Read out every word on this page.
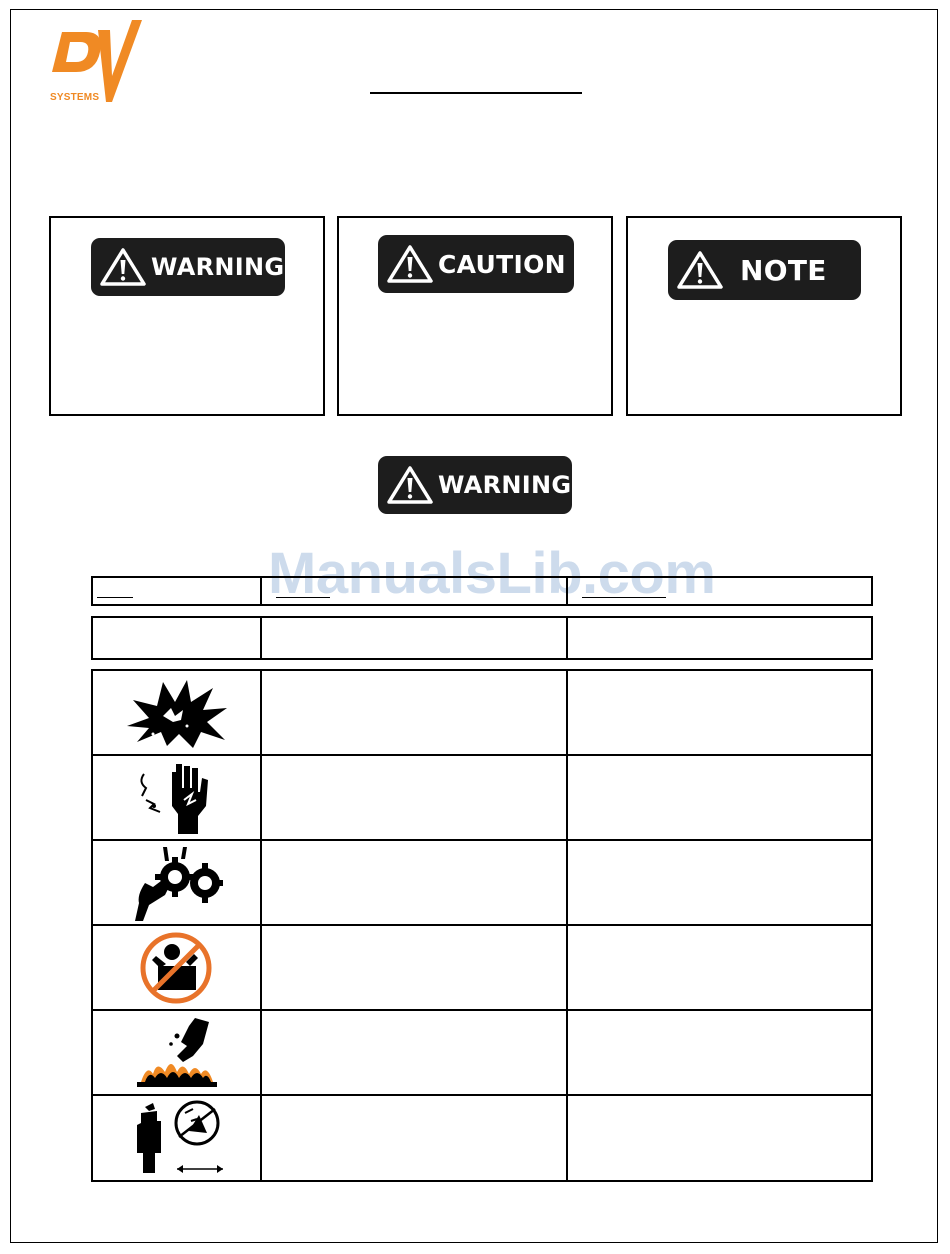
SYSTEMS
WARNING	CAUTION	NOTE
WARNING
ManualsLib.com
